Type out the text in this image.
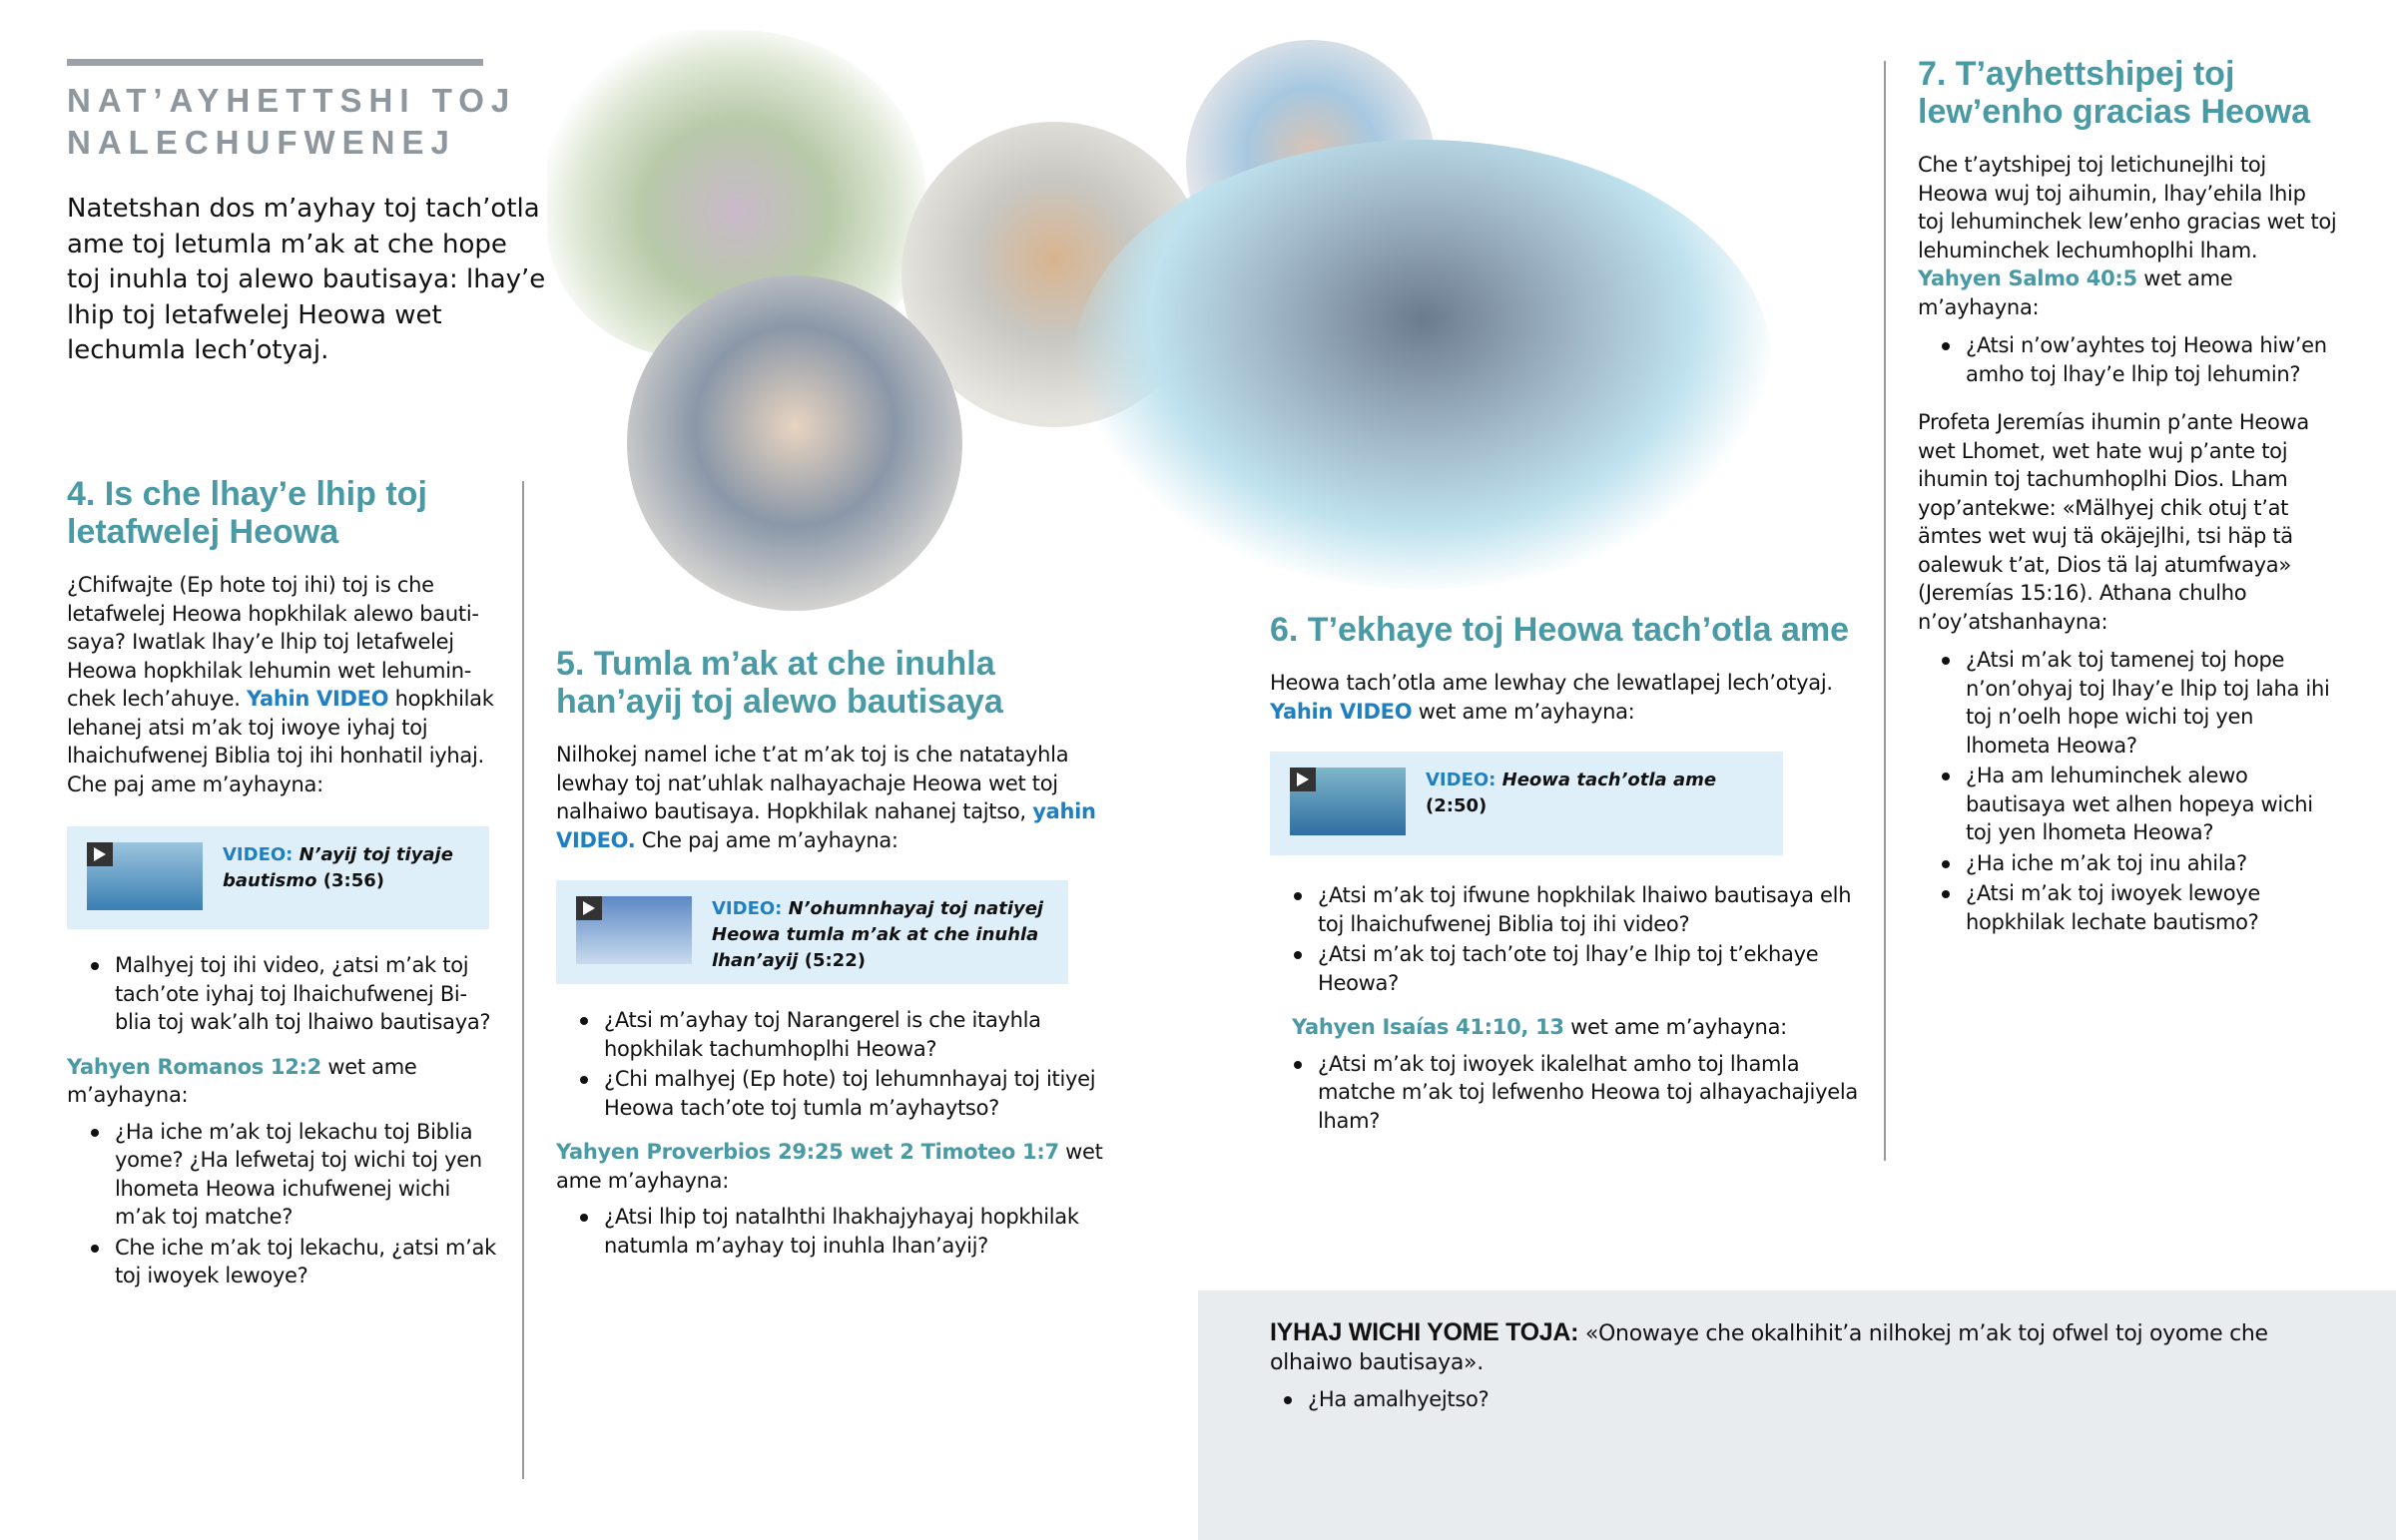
NAT’AYHETTSHI TOJ NALECHUFWENEJ
Natetshan dos m’ayhay toj tach’otla ame toj letumla m’ak at che hope toj inuhla toj alewo bautisaya: lhay’e lhip toj letafwelej Heowa wet lechumla lech’otyaj.
4. Is che lhay’e lhip toj letafwelej Heowa

¿Chifwajte (Ep hote toj ihi) toj is che letafwelej Heowa hopkhilak alewo bautisaya? Iwatlak lhay’e lhip toj letafwelej Heowa hopkhilak lehumin wet lehuminchek lech’ahuye. Yahin VIDEO hopkhilak lehanej atsi m’ak toj iwoye iyhaj toj lhaichufwenej Biblia toj ihi honhatil iyhaj. Che paj ame m’ayhayna:

VIDEO: N’ayij toj tiyaje bautismo (3:56)
Malhyej toj ihi video, ¿atsi m’ak toj tach’ote iyhaj toj lhaichufwenej Biblia toj wak’alh toj lhaiwo bautisaya?

Yahyen Romanos 12:2 wet ame m’ayhayna:

¿Ha iche m’ak toj lekachu toj Biblia yome? ¿Ha lefwetaj toj wichi toj yen lhometa Heowa ichufwenej wichi m’ak toj matche?
Che iche m’ak toj lekachu, ¿atsi m’ak toj iwoyek lewoye?
5. Tumla m’ak at che inuhla han’ayij toj alewo bautisaya

Nilhokej namel iche t’at m’ak toj is che natatayhla lewhay toj nat’uhlak nalhayachaje Heowa wet toj nalhaiwo bautisaya. Hopkhilak nahanej tajtso, yahin VIDEO. Che paj ame m’ayhayna:

VIDEO: N’ohumnhayaj toj natiyej Heowa tumla m’ak at che inuhla lhan’ayij (5:22)
¿Atsi m’ayhay toj Narangerel is che itayhla hopkhilak tachumhoplhi Heowa?
¿Chi malhyej (Ep hote) toj lehumnhayaj toj itiyej Heowa tach’ote toj tumla m’ayhaytso?

Yahyen Proverbios 29:25 wet 2 Timoteo 1:7 wet ame m’ayhayna:

¿Atsi lhip toj natalhthi lhakhajyhayaj hopkhilak natumla m’ayhay toj inuhla lhan’ayij?
6. T’ekhaye toj Heowa tach’otla ame

Heowa tach’otla ame lewhay che lewatlapej lech’otyaj. Yahin VIDEO wet ame m’ayhayna:

VIDEO: Heowa tach’otla ame (2:50)
¿Atsi m’ak toj ifwune hopkhilak lhaiwo bautisaya elh toj lhaichufwenej Biblia toj ihi video?
¿Atsi m’ak toj tach’ote toj lhay’e lhip toj t’ekhaye Heowa?

Yahyen Isaías 41:10, 13 wet ame m’ayhayna:

¿Atsi m’ak toj iwoyek ikalelhat amho toj lhamla matche m’ak toj lefwenho Heowa toj alhayachajiyela lham?
7. T’ayhettshipej toj lew’enho gracias Heowa

Che t’aytshipej toj letichunejlhi toj Heowa wuj toj aihumin, lhay’ehila lhip toj lehuminchek lew’enho gracias wet toj lehuminchek lechumhoplhi lham. Yahyen Salmo 40:5 wet ame m’ayhayna:

¿Atsi n’ow’ayhtes toj Heowa hiw’en amho toj lhay’e lhip toj lehumin?

Profeta Jeremías ihumin p’ante Heowa wet Lhomet, wet hate wuj p’ante toj ihumin toj tachumhoplhi Dios. Lham yop’antekwe: «Mälhyej chik otuj t’at ämtes wet wuj tä okäjejlhi, tsi häp tä oalewuk t’at, Dios tä laj atumfwaya» (Jeremías 15:16). Athana chulho n’oy’atshanhayna:

¿Atsi m’ak toj tamenej toj hope n’on’ohyaj toj lhay’e lhip toj laha ihi toj n’oelh hope wichi toj yen lhometa Heowa?
¿Ha am lehuminchek alewo bautisaya wet alhen hopeya wichi toj yen lhometa Heowa?
¿Ha iche m’ak toj inu ahila?
¿Atsi m’ak toj iwoyek lewoye hopkhilak lechate bautismo?

IYHAJ WICHI YOME TOJA: «Onowaye che okalhihit’a nilhokej m’ak toj ofwel toj oyome che olhaiwo bautisaya».

¿Ha amalhyejtso?
